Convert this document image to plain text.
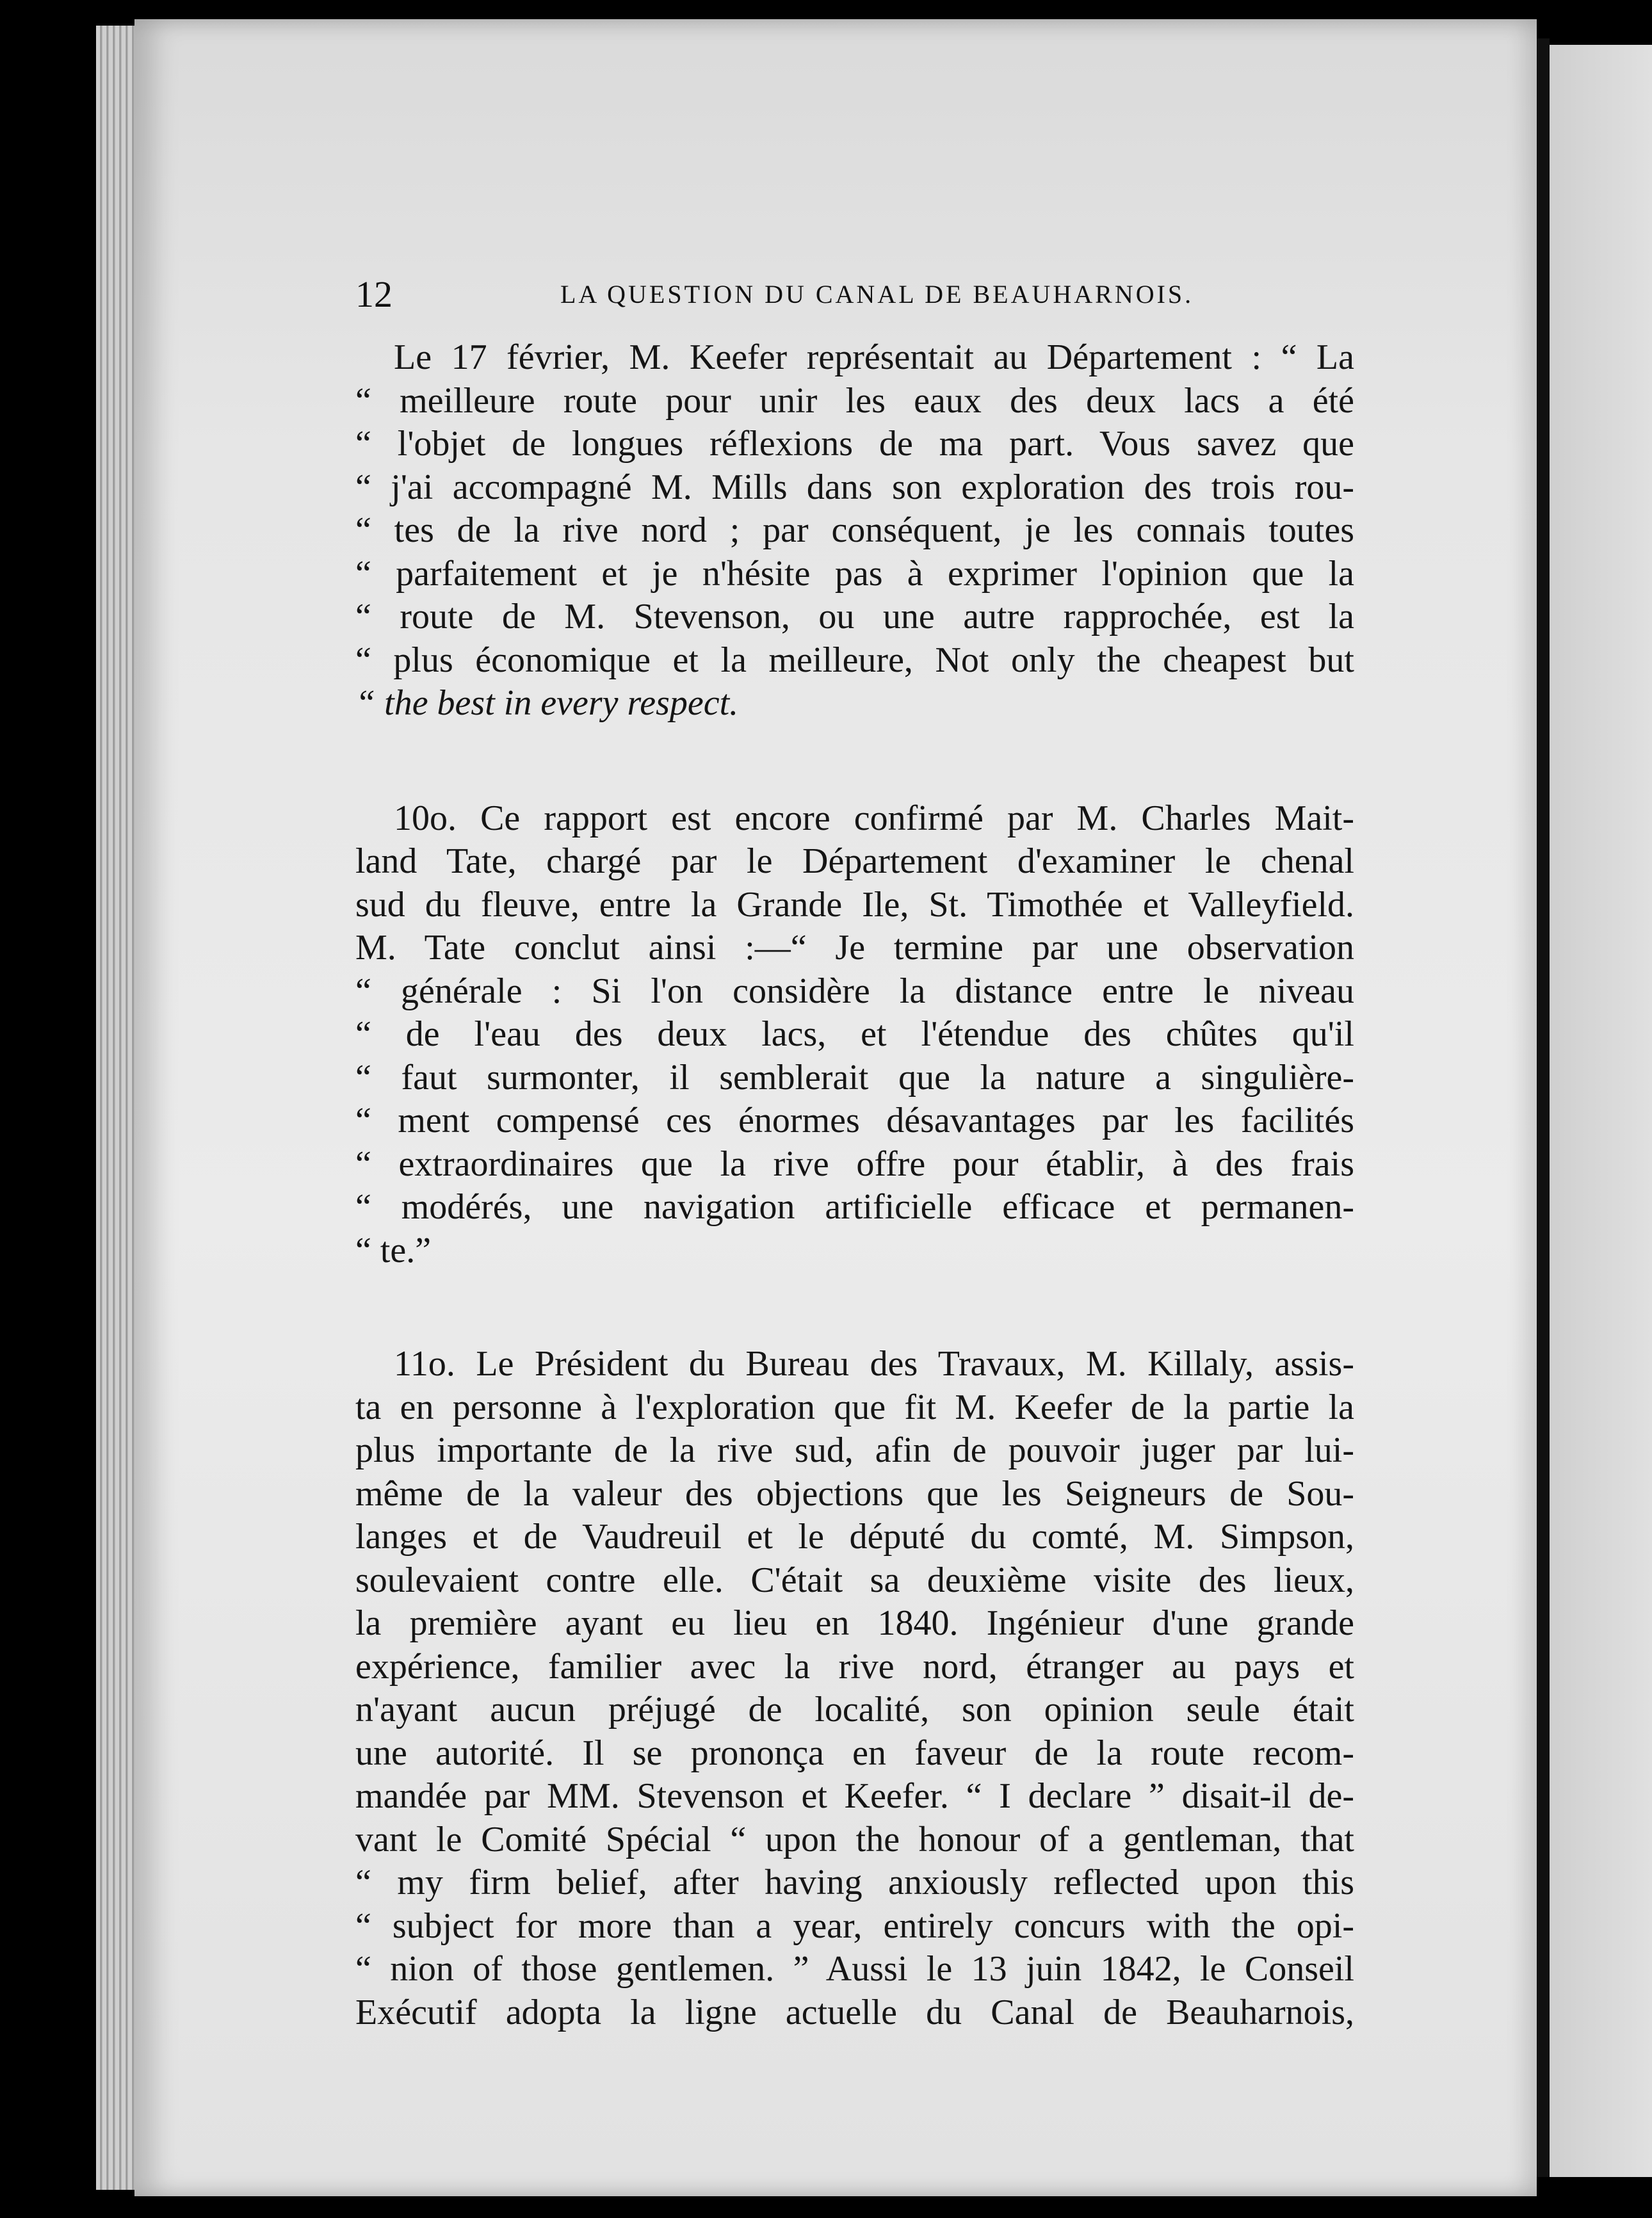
12	LA QUESTION DU CANAL DE BEAUHARNOIS.
Le 17 février, M. Keefer représentait au Département : “ La
“ meilleure route pour unir les eaux des deux lacs a été
“ l'objet de longues réflexions de ma part. Vous savez que
“ j'ai accompagné M. Mills dans son exploration des trois rou-
“ tes de la rive nord ; par conséquent, je les connais toutes
“ parfaitement et je n'hésite pas à exprimer l'opinion que la
“ route de M. Stevenson, ou une autre rapprochée, est la
“ plus économique et la meilleure, Not only the cheapest but
“ the best in every respect.
10o. Ce rapport est encore confirmé par M. Charles Mait-
land Tate, chargé par le Département d'examiner le chenal
sud du fleuve, entre la Grande Ile, St. Timothée et Valleyfield.
M. Tate conclut ainsi :—“ Je termine par une observation
“ générale : Si l'on considère la distance entre le niveau
“ de l'eau des deux lacs, et l'étendue des chûtes qu'il
“ faut surmonter, il semblerait que la nature a singulière-
“ ment compensé ces énormes désavantages par les facilités
“ extraordinaires que la rive offre pour établir, à des frais
“ modérés, une navigation artificielle efficace et permanen-
“ te.”
11o. Le Président du Bureau des Travaux, M. Killaly, assis-
ta en personne à l'exploration que fit M. Keefer de la partie la
plus importante de la rive sud, afin de pouvoir juger par lui-
même de la valeur des objections que les Seigneurs de Sou-
langes et de Vaudreuil et le député du comté, M. Simpson,
soulevaient contre elle. C'était sa deuxième visite des lieux,
la première ayant eu lieu en 1840. Ingénieur d'une grande
expérience, familier avec la rive nord, étranger au pays et
n'ayant aucun préjugé de localité, son opinion seule était
une autorité. Il se prononça en faveur de la route recom-
mandée par MM. Stevenson et Keefer. “ I declare ” disait-il de-
vant le Comité Spécial “ upon the honour of a gentleman, that
“ my firm belief, after having anxiously reflected upon this
“ subject for more than a year, entirely concurs with the opi-
“ nion of those gentlemen. ” Aussi le 13 juin 1842, le Conseil
Exécutif adopta la ligne actuelle du Canal de Beauharnois,
